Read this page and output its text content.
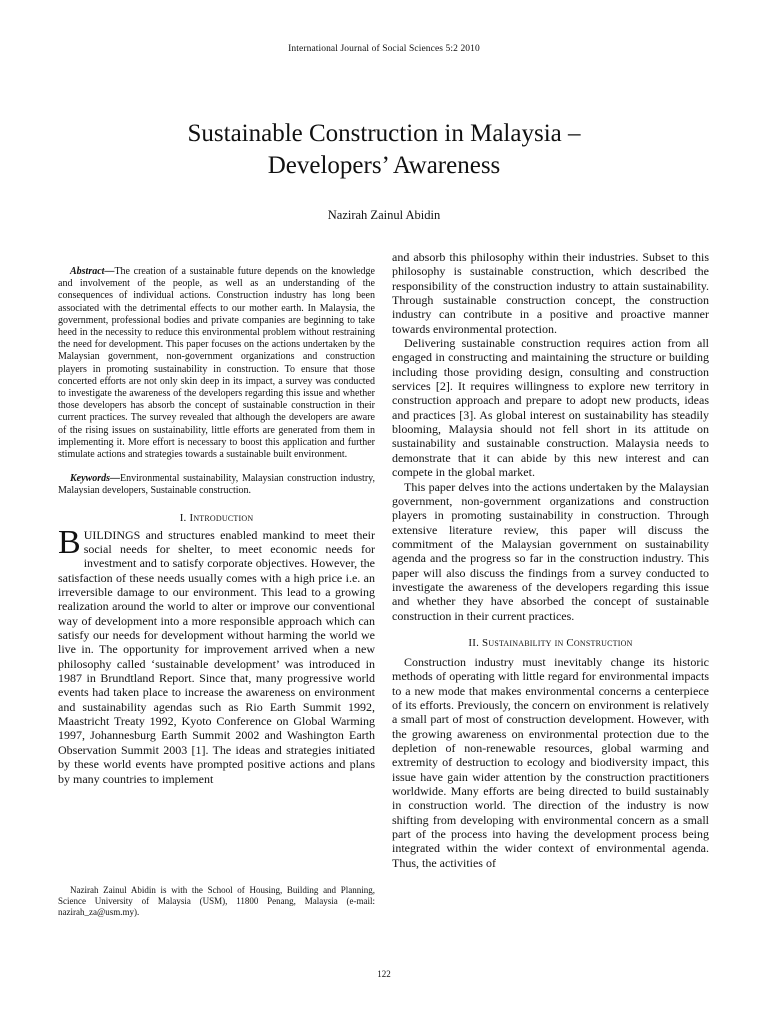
International Journal of Social Sciences 5:2 2010
Sustainable Construction in Malaysia –
Developers’ Awareness
Nazirah Zainul Abidin

Abstract—The creation of a sustainable future depends on the knowledge and involvement of the people, as well as an understanding of the consequences of individual actions. Construction industry has long been associated with the detrimental effects to our mother earth. In Malaysia, the government, professional bodies and private companies are beginning to take heed in the necessity to reduce this environmental problem without restraining the need for development. This paper focuses on the actions undertaken by the Malaysian government, non-government organizations and construction players in promoting sustainability in construction. To ensure that those concerted efforts are not only skin deep in its impact, a survey was conducted to investigate the awareness of the developers regarding this issue and whether those developers has absorb the concept of sustainable construction in their current practices. The survey revealed that although the developers are aware of the rising issues on sustainability, little efforts are generated from them in implementing it. More effort is necessary to boost this application and further stimulate actions and strategies towards a sustainable built environment.

Keywords—Environmental sustainability, Malaysian construction industry, Malaysian developers, Sustainable construction.

I. Introduction

BUILDINGS and structures enabled mankind to meet their social needs for shelter, to meet economic needs for investment and to satisfy corporate objectives. However, the satisfaction of these needs usually comes with a high price i.e. an irreversible damage to our environment. This lead to a growing realization around the world to alter or improve our conventional way of development into a more responsible approach which can satisfy our needs for development without harming the world we live in. The opportunity for improvement arrived when a new philosophy called ‘sustainable development’ was introduced in 1987 in Brundtland Report. Since that, many progressive world events had taken place to increase the awareness on environment and sustainability agendas such as Rio Earth Summit 1992, Maastricht Treaty 1992, Kyoto Conference on Global Warming 1997, Johannesburg Earth Summit 2002 and Washington Earth Observation Summit 2003 [1]. The ideas and strategies initiated by these world events have prompted positive actions and plans by many countries to implement

Nazirah Zainul Abidin is with the School of Housing, Building and Planning, Science University of Malaysia (USM), 11800 Penang, Malaysia (e-mail: nazirah_za@usm.my).

and absorb this philosophy within their industries. Subset to this philosophy is sustainable construction, which described the responsibility of the construction industry to attain sustainability. Through sustainable construction concept, the construction industry can contribute in a positive and proactive manner towards environmental protection.

Delivering sustainable construction requires action from all engaged in constructing and maintaining the structure or building including those providing design, consulting and construction services [2]. It requires willingness to explore new territory in construction approach and prepare to adopt new products, ideas and practices [3]. As global interest on sustainability has steadily blooming, Malaysia should not fell short in its attitude on sustainability and sustainable construction. Malaysia needs to demonstrate that it can abide by this new interest and can compete in the global market.

This paper delves into the actions undertaken by the Malaysian government, non-government organizations and construction players in promoting sustainability in construction. Through extensive literature review, this paper will discuss the commitment of the Malaysian government on sustainability agenda and the progress so far in the construction industry. This paper will also discuss the findings from a survey conducted to investigate the awareness of the developers regarding this issue and whether they have absorbed the concept of sustainable construction in their current practices.

II. Sustainability in Construction

Construction industry must inevitably change its historic methods of operating with little regard for environmental impacts to a new mode that makes environmental concerns a centerpiece of its efforts. Previously, the concern on environment is relatively a small part of most of construction development. However, with the growing awareness on environmental protection due to the depletion of non-renewable resources, global warming and extremity of destruction to ecology and biodiversity impact, this issue have gain wider attention by the construction practitioners worldwide. Many efforts are being directed to build sustainably in construction world. The direction of the industry is now shifting from developing with environmental concern as a small part of the process into having the development process being integrated within the wider context of environmental agenda. Thus, the activities of

122
